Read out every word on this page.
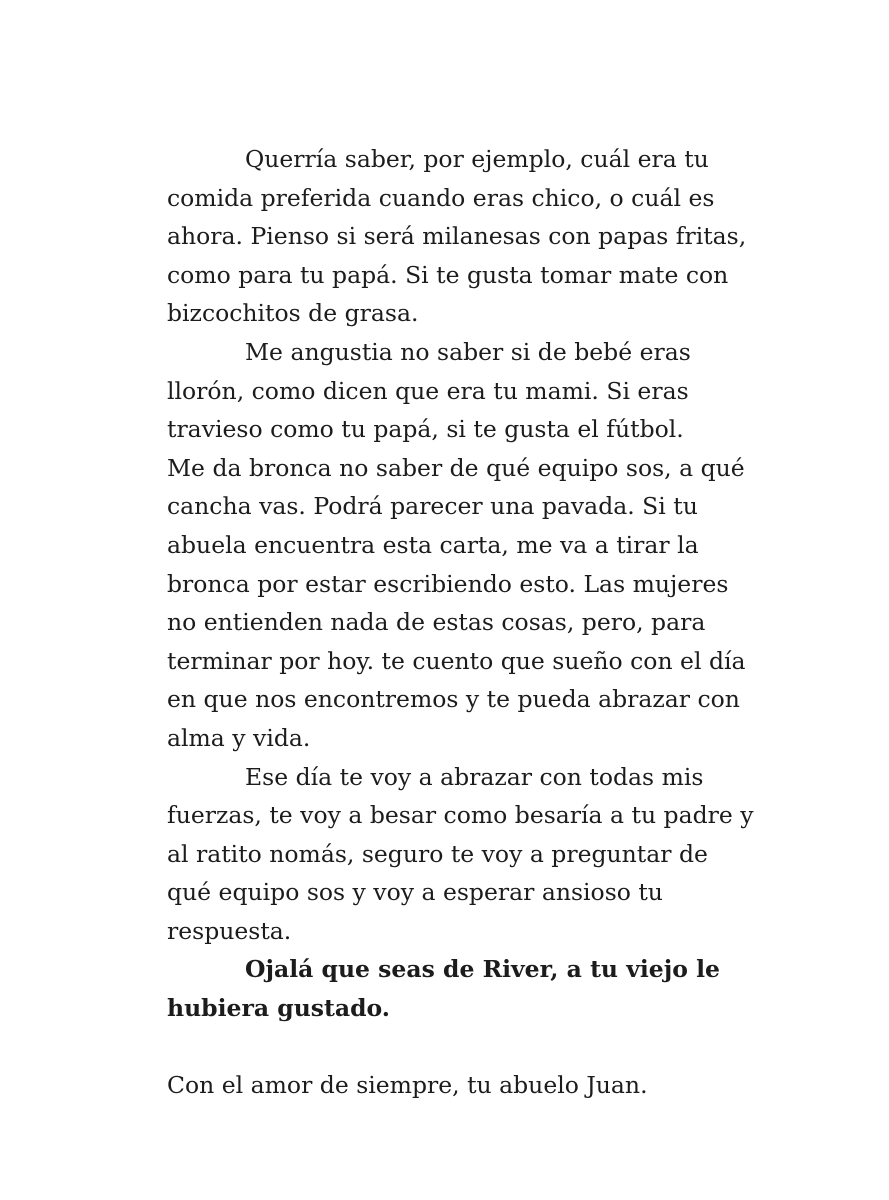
Querría saber, por ejemplo, cuál era tu
comida preferida cuando eras chico, o cuál es
ahora. Pienso si será milanesas con papas fritas,
como para tu papá. Si te gusta tomar mate con
bizcochitos de grasa.
Me angustia no saber si de bebé eras
llorón, como dicen que era tu mami. Si eras
travieso como tu papá, si te gusta el fútbol.
Me da bronca no saber de qué equipo sos, a qué
cancha vas. Podrá parecer una pavada. Si tu
abuela encuentra esta carta, me va a tirar la
bronca por estar escribiendo esto. Las mujeres
no entienden nada de estas cosas, pero, para
terminar por hoy. te cuento que sueño con el día
en que nos encontremos y te pueda abrazar con
alma y vida.
Ese día te voy a abrazar con todas mis
fuerzas, te voy a besar como besaría a tu padre y
al ratito nomás, seguro te voy a preguntar de
qué equipo sos y voy a esperar ansioso tu
respuesta.
Ojalá que seas de River, a tu viejo le
hubiera gustado.
Con el amor de siempre, tu abuelo Juan.
